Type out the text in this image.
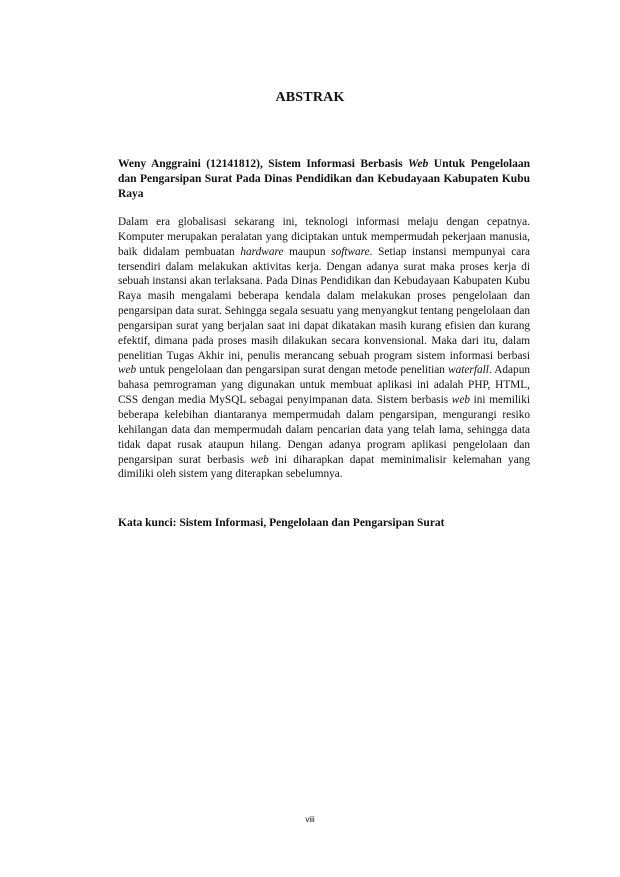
ABSTRAK
Weny Anggraini (12141812), Sistem Informasi Berbasis Web Untuk Pengelolaan dan Pengarsipan Surat Pada Dinas Pendidikan dan Kebudayaan Kabupaten Kubu Raya

Dalam era globalisasi sekarang ini, teknologi informasi melaju dengan cepatnya. Komputer merupakan peralatan yang diciptakan untuk mempermudah pekerjaan manusia, baik didalam pembuatan hardware maupun software. Setiap instansi mempunyai cara tersendiri dalam melakukan aktivitas kerja. Dengan adanya surat maka proses kerja di sebuah instansi akan terlaksana. Pada Dinas Pendidikan dan Kebudayaan Kabupaten Kubu Raya masih mengalami beberapa kendala dalam melakukan proses pengelolaan dan pengarsipan data surat. Sehingga segala sesuatu yang menyangkut tentang pengelolaan dan pengarsipan surat yang berjalan saat ini dapat dikatakan masih kurang efisien dan kurang efektif, dimana pada proses masih dilakukan secara konvensional. Maka dari itu, dalam penelitian Tugas Akhir ini, penulis merancang sebuah program sistem informasi berbasi web untuk pengelolaan dan pengarsipan surat dengan metode penelitian waterfall. Adapun bahasa pemrograman yang digunakan untuk membuat aplikasi ini adalah PHP, HTML, CSS dengan media MySQL sebagai penyimpanan data. Sistem berbasis web ini memiliki beberapa kelebihan diantaranya mempermudah dalam pengarsipan, mengurangi resiko kehilangan data dan mempermudah dalam pencarian data yang telah lama, sehingga data tidak dapat rusak ataupun hilang. Dengan adanya program aplikasi pengelolaan dan pengarsipan surat berbasis web ini diharapkan dapat meminimalisir kelemahan yang dimiliki oleh sistem yang diterapkan sebelumnya.

Kata kunci: Sistem Informasi, Pengelolaan dan Pengarsipan Surat
viii
